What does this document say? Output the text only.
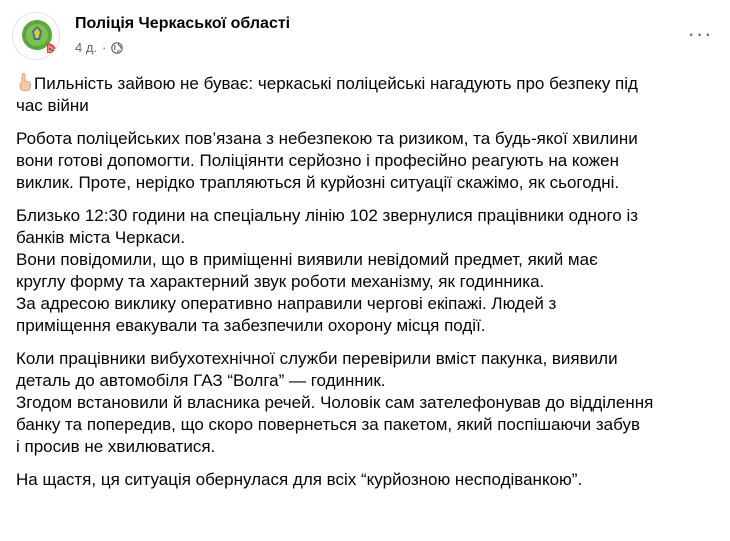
Поліція Черкаської області
4 д. ·
···

Пильність зайвою не буває: черкаські поліцейські нагадують про безпеку під

час війни

Робота поліцейських пов’язана з небезпекою та ризиком, та будь-якої хвилини

вони готові допомогти. Поліціянти серйозно і професійно реагують на кожен

виклик. Проте, нерідко трапляються й курйозні ситуації скажімо, як сьогодні.

Близько 12:30 години на спеціальну лінію 102 звернулися працівники одного із

банків міста Черкаси.

Вони повідомили, що в приміщенні виявили невідомий предмет, який має

круглу форму та характерний звук роботи механізму, як годинника.

За адресою виклику оперативно направили чергові екіпажі. Людей з

приміщення евакували та забезпечили охорону місця події.

Коли працівники вибухотехнічної служби перевірили вміст пакунка, виявили

деталь до автомобіля ГАЗ “Волга” — годинник.

Згодом встановили й власника речей. Чоловік сам зателефонував до відділення

банку та попередив, що скоро повернеться за пакетом, який поспішаючи забув

і просив не хвилюватися.

На щастя, ця ситуація обернулася для всіх “курйозною несподіванкою”.
